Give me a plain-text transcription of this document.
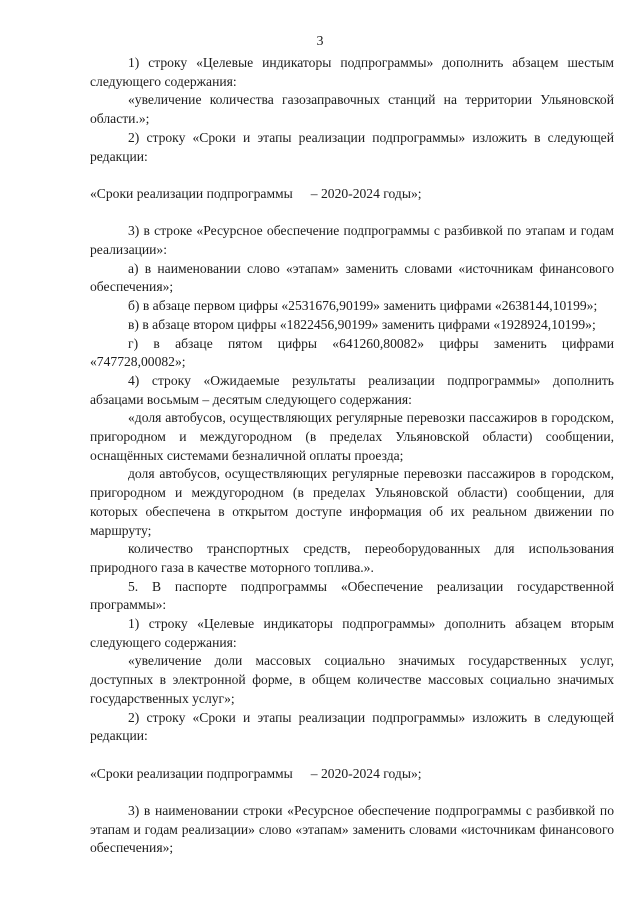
3

1) строку «Целевые индикаторы подпрограммы» дополнить абзацем шестым следующего содержания:

«увеличение количества газозаправочных станций на территории Ульяновской области.»;

2) строку «Сроки и этапы реализации подпрограммы» изложить в следующей редакции:

«Сроки реализации подпрограммы – 2020-2024 годы»;

3) в строке «Ресурсное обеспечение подпрограммы с разбивкой по этапам и годам реализации»:

а) в наименовании слово «этапам» заменить словами «источникам финансового обеспечения»;

б) в абзаце первом цифры «2531676,90199» заменить цифрами «2638144,10199»;

в) в абзаце втором цифры «1822456,90199» заменить цифрами «1928924,10199»;

г) в абзаце пятом цифры «641260,80082» цифры заменить цифрами «747728,00082»;

4) строку «Ожидаемые результаты реализации подпрограммы» дополнить абзацами восьмым – десятым следующего содержания:

«доля автобусов, осуществляющих регулярные перевозки пассажиров в городском, пригородном и междугородном (в пределах Ульяновской области) сообщении, оснащённых системами безналичной оплаты проезда;

доля автобусов, осуществляющих регулярные перевозки пассажиров в городском, пригородном и междугородном (в пределах Ульяновской области) сообщении, для которых обеспечена в открытом доступе информация об их реальном движении по маршруту;

количество транспортных средств, переоборудованных для использования природного газа в качестве моторного топлива.».

5. В паспорте подпрограммы «Обеспечение реализации государственной программы»:

1) строку «Целевые индикаторы подпрограммы» дополнить абзацем вторым следующего содержания:

«увеличение доли массовых социально значимых государственных услуг, доступных в электронной форме, в общем количестве массовых социально значимых государственных услуг»;

2) строку «Сроки и этапы реализации подпрограммы» изложить в следующей редакции:

«Сроки реализации подпрограммы – 2020-2024 годы»;

3) в наименовании строки «Ресурсное обеспечение подпрограммы с разбивкой по этапам и годам реализации» слово «этапам» заменить словами «источникам финансового обеспечения»;
